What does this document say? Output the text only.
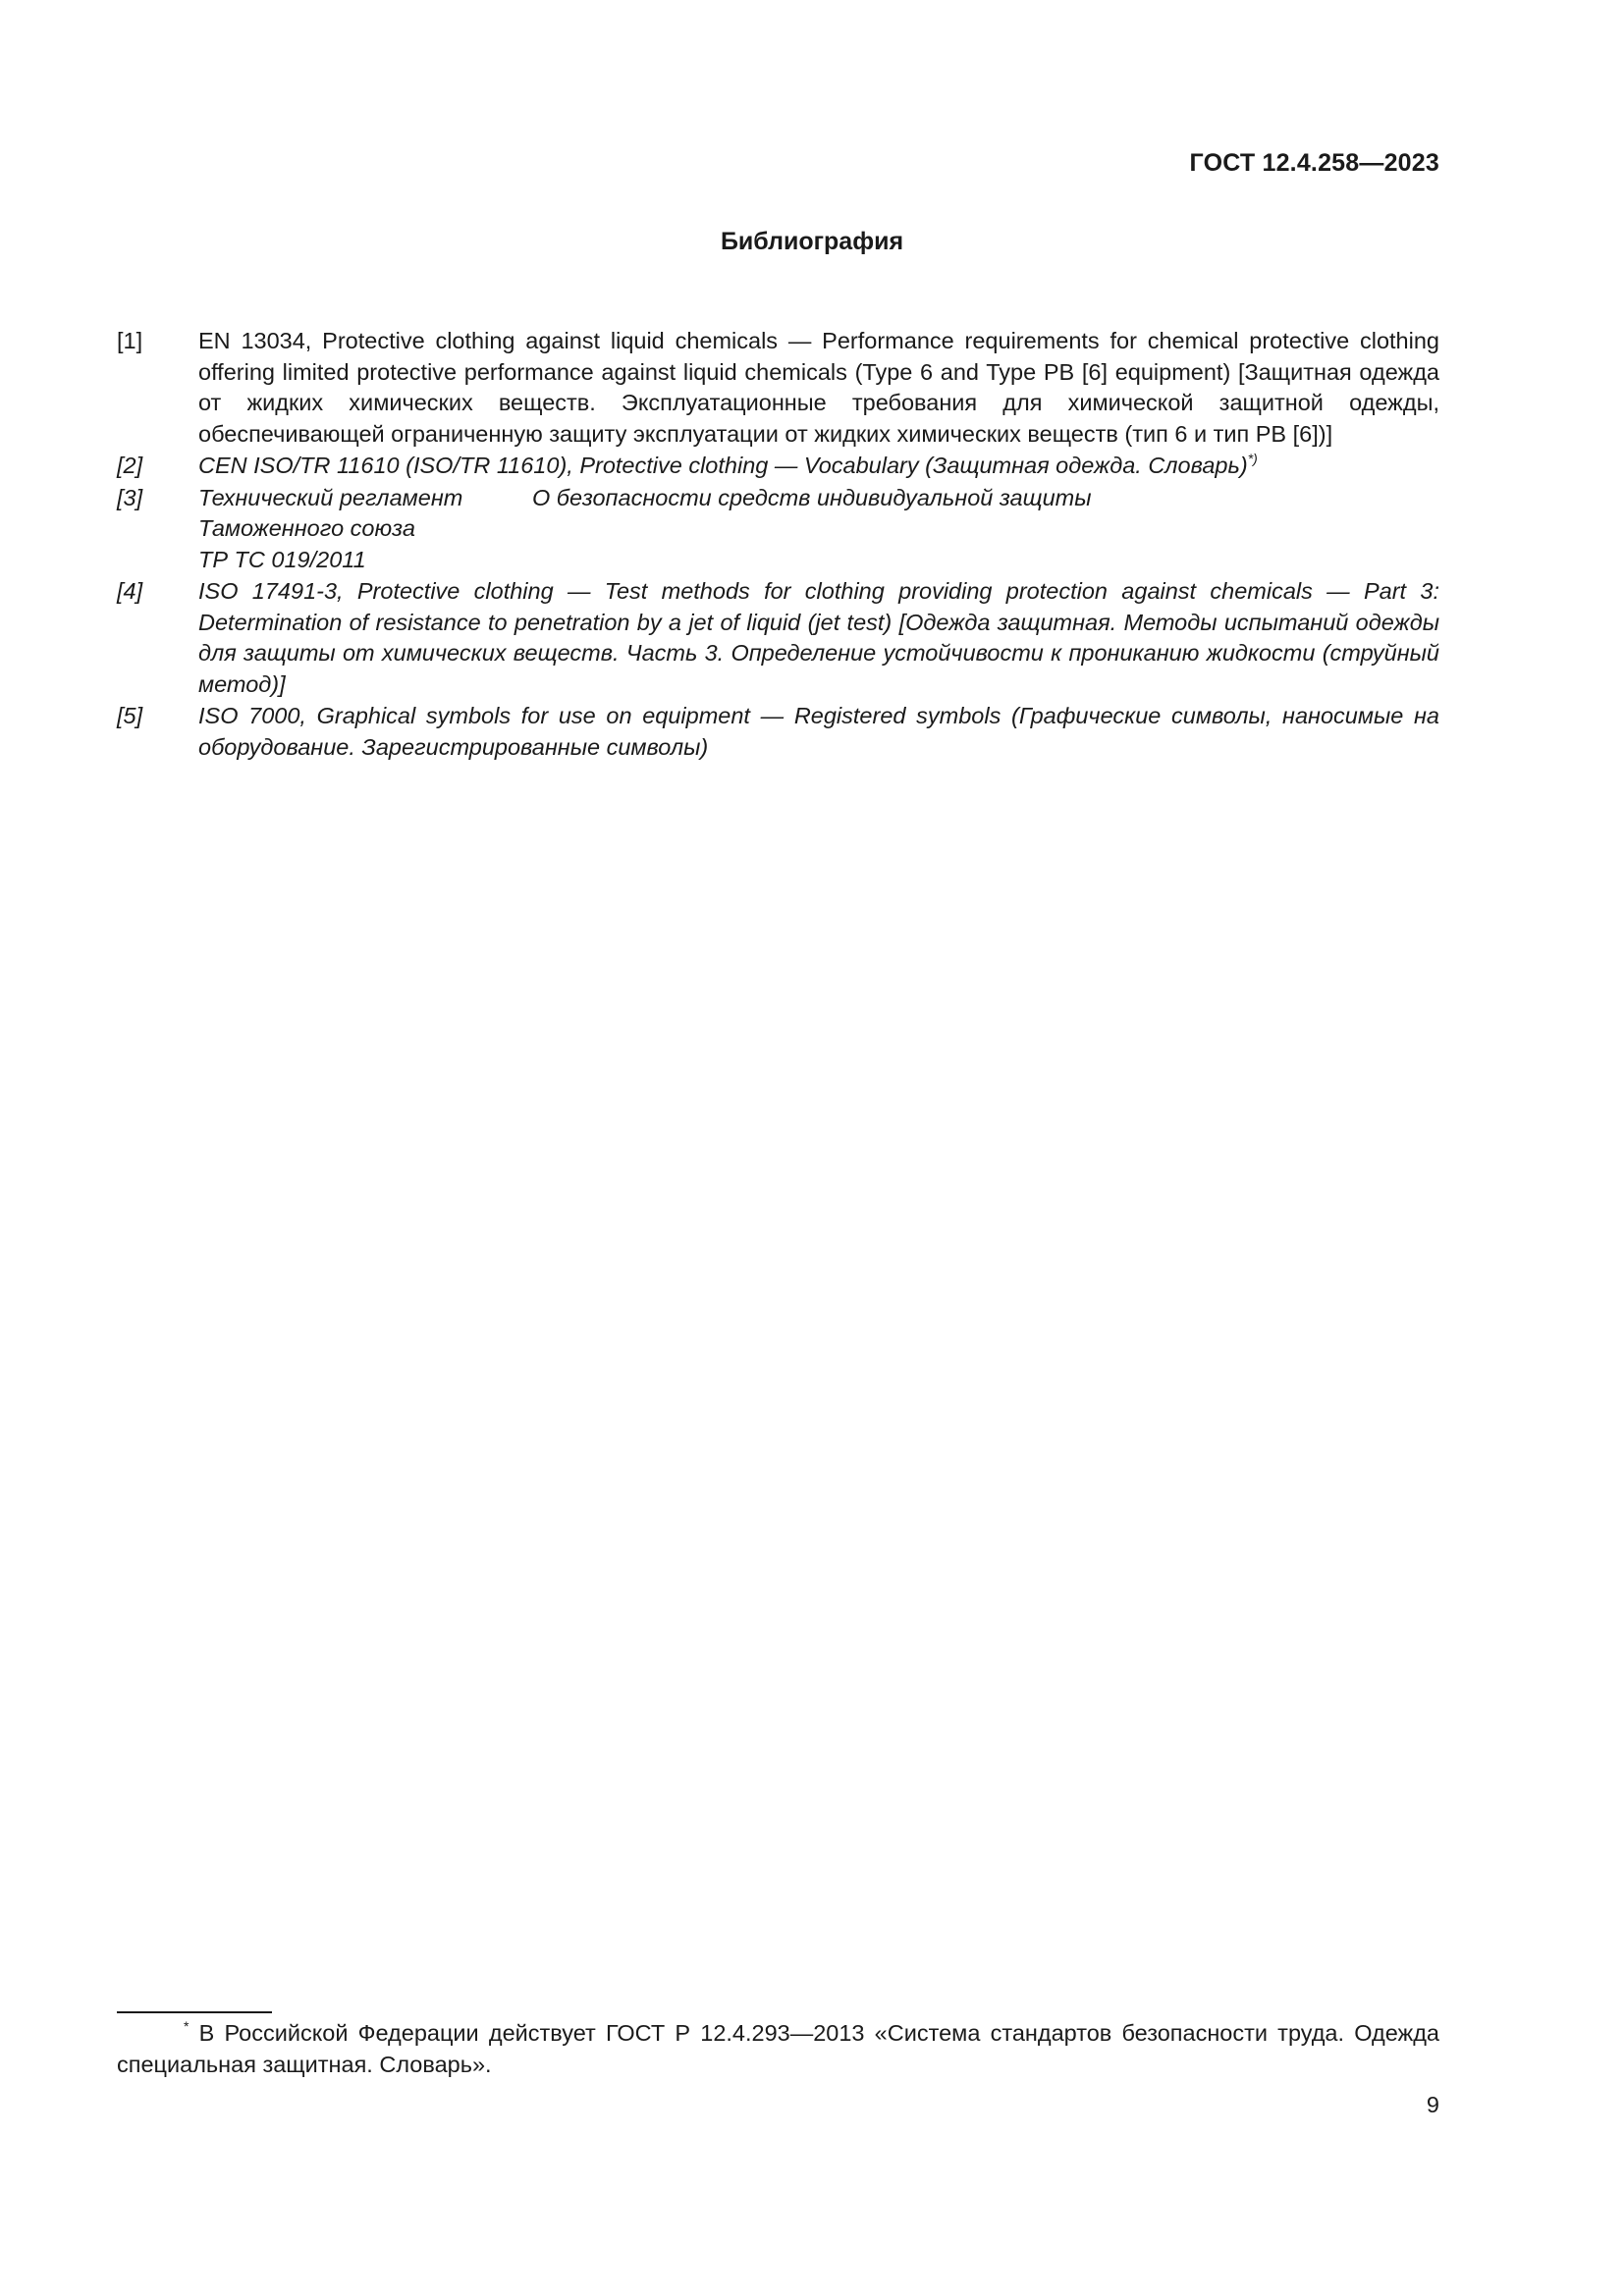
ГОСТ 12.4.258—2023
Библиография
[1]	EN 13034, Protective clothing against liquid chemicals — Performance requirements for chemical protective clothing offering limited protective performance against liquid chemicals (Type 6 and Type PB [6] equipment) [Защитная одежда от жидких химических веществ. Эксплуатационные требования для химической защитной одежды, обеспечивающей ограниченную защиту эксплуатации от жидких химических веществ (тип 6 и тип PB [6])]
[2]	CEN ISO/TR 11610 (ISO/TR 11610), Protective clothing — Vocabulary (Защитная одежда. Словарь)*)
[3]	Технический регламент	О безопасности средств индивидуальной защиты
Таможенного союза
ТР ТС 019/2011
[4]	ISO 17491-3, Protective clothing — Test methods for clothing providing protection against chemicals — Part 3: Determination of resistance to penetration by a jet of liquid (jet test) [Одежда защитная. Методы испытаний одежды для защиты от химических веществ. Часть 3. Определение устойчивости к прониканию жидкости (струйный метод)]
[5]	ISO 7000, Graphical symbols for use on equipment — Registered symbols (Графические символы, наносимые на оборудование. Зарегистрированные символы)
* В Российской Федерации действует ГОСТ Р 12.4.293—2013 «Система стандартов безопасности труда. Одежда специальная защитная. Словарь».
9
